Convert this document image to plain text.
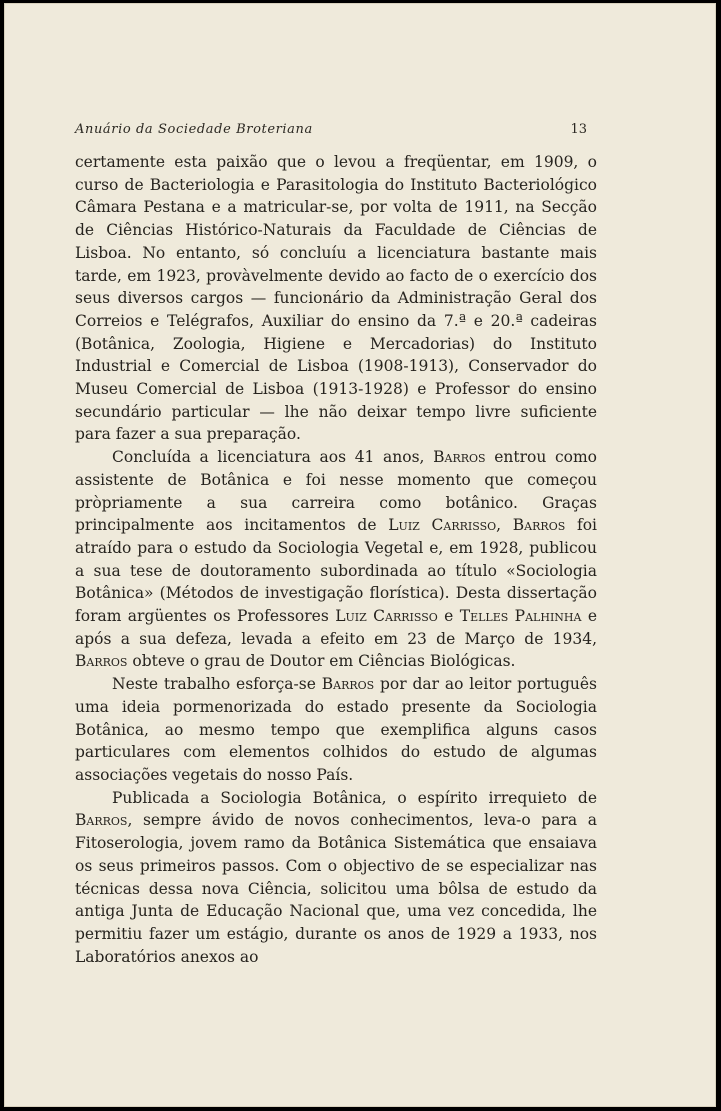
Anuário da Sociedade Broteriana	13

certamente esta paixão que o levou a freqüentar, em 1909, o curso de Bacteriologia e Parasitologia do Instituto Bacteriológico Câmara Pestana e a matricular-se, por volta de 1911, na Secção de Ciências Histórico-Naturais da Faculdade de Ciências de Lisboa. No entanto, só concluíu a licenciatura bastante mais tarde, em 1923, provàvelmente devido ao facto de o exercício dos seus diversos cargos — funcionário da Administração Geral dos Correios e Telégrafos, Auxiliar do ensino da 7.ª e 20.ª cadeiras (Botânica, Zoologia, Higiene e Mercadorias) do Instituto Industrial e Comercial de Lisboa (1908-1913), Conservador do Museu Comercial de Lisboa (1913-1928) e Professor do ensino secundário particular — lhe não deixar tempo livre suficiente para fazer a sua preparação.

Concluída a licenciatura aos 41 anos, Barros entrou como assistente de Botânica e foi nesse momento que começou pròpriamente a sua carreira como botânico. Graças principalmente aos incitamentos de Luiz Carrisso, Barros foi atraído para o estudo da Sociologia Vegetal e, em 1928, publicou a sua tese de doutoramento subordinada ao título «Sociologia Botânica» (Métodos de investigação florística). Desta dissertação foram argüentes os Professores Luiz Carrisso e Telles Palhinha e após a sua defeza, levada a efeito em 23 de Março de 1934, Barros obteve o grau de Doutor em Ciências Biológicas.

Neste trabalho esforça-se Barros por dar ao leitor português uma ideia pormenorizada do estado presente da Sociologia Botânica, ao mesmo tempo que exemplifica alguns casos particulares com elementos colhidos do estudo de algumas associações vegetais do nosso País.

Publicada a Sociologia Botânica, o espírito irrequieto de Barros, sempre ávido de novos conhecimentos, leva-o para a Fitoserologia, jovem ramo da Botânica Sistemática que ensaiava os seus primeiros passos. Com o objectivo de se especializar nas técnicas dessa nova Ciência, solicitou uma bôlsa de estudo da antiga Junta de Educação Nacional que, uma vez concedida, lhe permitiu fazer um estágio, durante os anos de 1929 a 1933, nos Laboratórios anexos ao
